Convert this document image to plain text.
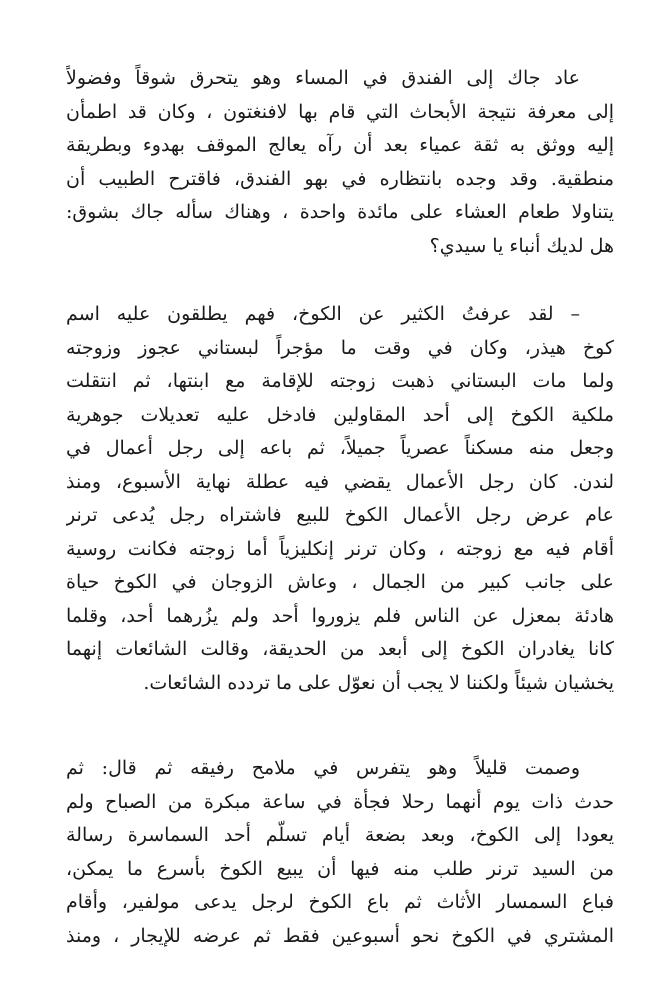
عاد جاك إلى الفندق في المساء وهو يتحرق شوقاً وفضولاً
إلى معرفة نتيجة الأبحاث التي قام بها لافنغتون ، وكان قد اطمأن
إليه ووثق به ثقة عمياء بعد أن رآه يعالج الموقف بهدوء وبطريقة
منطقية. وقد وجده بانتظاره في بهو الفندق، فاقترح الطبيب أن
يتناولا طعام العشاء على مائدة واحدة ، وهناك سأله جاك بشوق:
هل لديك أنباء يا سيدي؟
– لقد عرفتُ الكثير عن الكوخ، فهم يطلقون عليه اسم
كوخ هيذر، وكان في وقت ما مؤجراً لبستاني عجوز وزوجته
ولما مات البستاني ذهبت زوجته للإقامة مع ابنتها، ثم انتقلت
ملكية الكوخ إلى أحد المقاولين فادخل عليه تعديلات جوهرية
وجعل منه مسكناً عصرياً جميلاً، ثم باعه إلى رجل أعمال في
لندن. كان رجل الأعمال يقضي فيه عطلة نهاية الأسبوع، ومنذ
عام عرض رجل الأعمال الكوخ للبيع فاشتراه رجل يُدعى ترنر
أقام فيه مع زوجته ، وكان ترنر إنكليزياً أما زوجته فكانت روسية
على جانب كبير من الجمال ، وعاش الزوجان في الكوخ حياة
هادئة بمعزل عن الناس فلم يزوروا أحد ولم يزُرهما أحد، وقلما
كانا يغادران الكوخ إلى أبعد من الحديقة، وقالت الشائعات إنهما
يخشيان شيئاً ولكننا لا يجب أن نعوّل على ما تردده الشائعات.
وصمت قليلاً وهو يتفرس في ملامح رفيقه ثم قال: ثم
حدث ذات يوم أنهما رحلا فجأة في ساعة مبكرة من الصباح ولم
يعودا إلى الكوخ، وبعد بضعة أيام تسلّم أحد السماسرة رسالة
من السيد ترنر طلب منه فيها أن يبيع الكوخ بأسرع ما يمكن،
فباع السمسار الأثاث ثم باع الكوخ لرجل يدعى مولفير، وأقام
المشتري في الكوخ نحو أسبوعين فقط ثم عرضه للإيجار ، ومنذ
